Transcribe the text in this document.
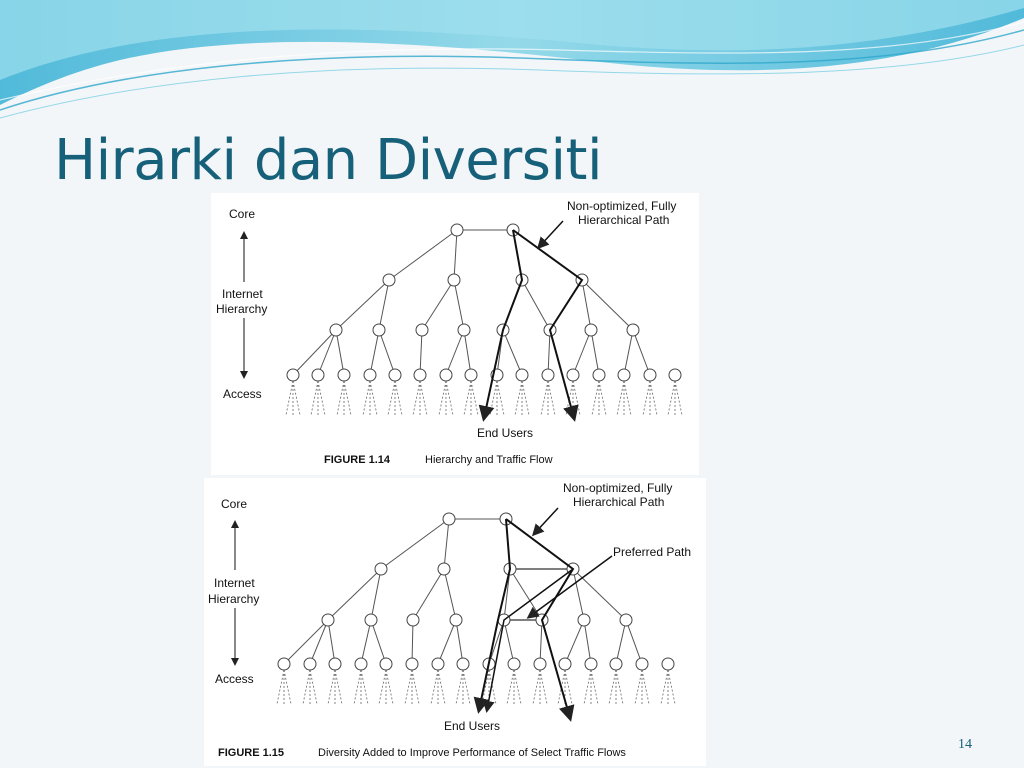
Hirarki dan Diversiti
Core
Internet
Hierarchy
Access
End Users
Non-optimized, Fully
Hierarchical Path
FIGURE 1.14	Hierarchy and Traffic Flow
Core
Internet
Hierarchy
Access
End Users
Non-optimized, Fully
Hierarchical Path
Preferred Path
FIGURE 1.15	Diversity Added to Improve Performance of Select Traffic Flows
14
